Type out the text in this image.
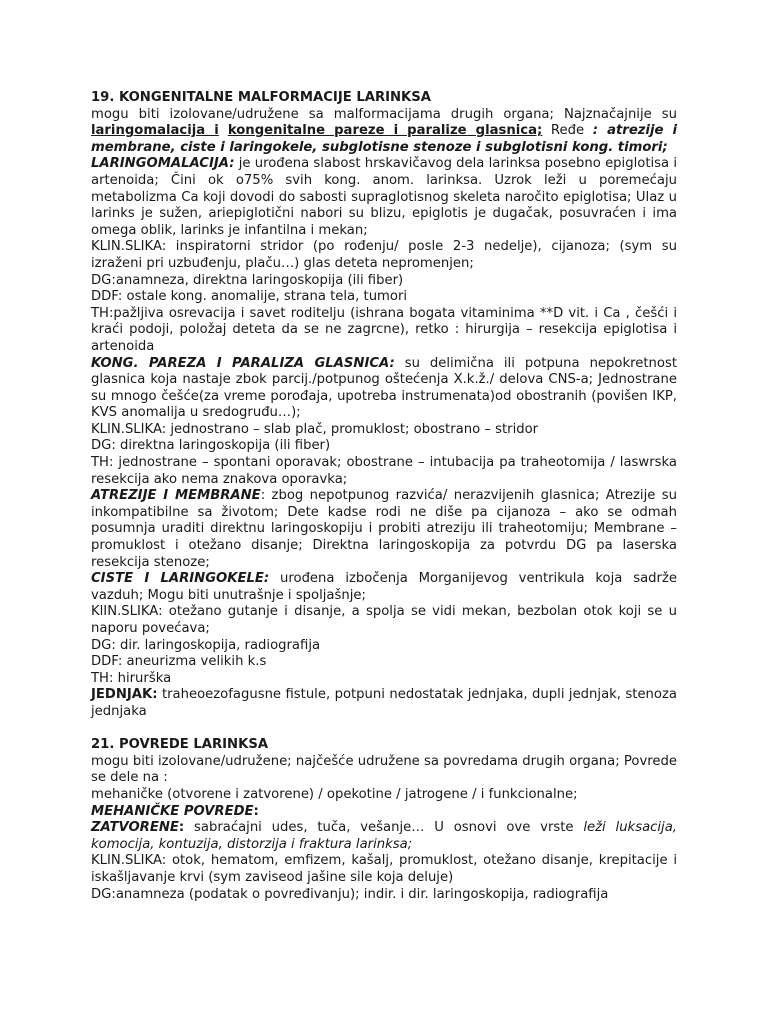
19. KONGENITALNE MALFORMACIJE LARINKSA

mogu biti izolovane/udružene sa malformacijama drugih organa; Najznačajnije su laringomalacija i kongenitalne pareze i paralize glasnica; Ređe : atrezije i membrane, ciste i laringokele, subglotisne stenoze i subglotisni kong. timori;

LARINGOMALACIJA: je urođena slabost hrskavičavog dela larinksa posebno epiglotisa i artenoida; Čini ok o75% svih kong. anom. larinksa. Uzrok leži u poremećaju metabolizma Ca koji dovodi do sabosti supraglotisnog skeleta naročito epiglotisa; Ulaz u larinks je sužen, ariepiglotični nabori su blizu, epiglotis je dugačak, posuvraćen i ima omega oblik, larinks je infantilna i mekan;

KLIN.SLIKA: inspiratorni stridor (po rođenju/ posle 2-3 nedelje), cijanoza; (sym su izraženi pri uzbuđenju, plaču…) glas deteta nepromenjen;

DG:anamneza, direktna laringoskopija (ili fiber)

DDF: ostale kong. anomalije, strana tela, tumori

TH:pažljiva osrevacija i savet roditelju (ishrana bogata vitaminima **D vit. i Ca , češći i kraći podoji, položaj deteta da se ne zagrcne), retko : hirurgija – resekcija epiglotisa i artenoida

KONG. PAREZA I PARALIZA GLASNICA: su delimična ili potpuna nepokretnost glasnica koja nastaje zbok parcij./potpunog oštećenja X.k.ž./ delova CNS-a; Jednostrane su mnogo češće(za vreme porođaja, upotreba instrumenata)od obostranih (povišen IKP, KVS anomalija u sredogruđu…);

KLIN.SLIKA: jednostrano – slab plač, promuklost; obostrano – stridor

DG: direktna laringoskopija (ili fiber)

TH: jednostrane – spontani oporavak; obostrane – intubacija pa traheotomija / laswrska resekcija ako nema znakova oporavka;

ATREZIJE I MEMBRANE: zbog nepotpunog razvića/ nerazvijenih glasnica; Atrezije su inkompatibilne sa životom; Dete kadse rodi ne diše pa cijanoza – ako se odmah posumnja uraditi direktnu laringoskopiju i probiti atreziju ili traheotomiju; Membrane – promuklost i otežano disanje; Direktna laringoskopija za potvrdu DG pa laserska resekcija stenoze;

CISTE I LARINGOKELE: urođena izbočenja Morganijevog ventrikula koja sadrže vazduh; Mogu biti unutrašnje i spoljašnje;

KlIN.SLIKA: otežano gutanje i disanje, a spolja se vidi mekan, bezbolan otok koji se u naporu povećava;

DG: dir. laringoskopija, radiografija

DDF: aneurizma velikih k.s

TH: hirurška

JEDNJAK: traheoezofagusne fistule, potpuni nedostatak jednjaka, dupli jednjak, stenoza jednjaka

21. POVREDE LARINKSA

mogu biti izolovane/udružene; najčešće udružene sa povredama drugih organa; Povrede se dele na :

mehaničke (otvorene i zatvorene) / opekotine / jatrogene / i funkcionalne;

MEHANIČKE POVREDE:

ZATVORENE: sabraćajni udes, tuča, vešanje… U osnovi ove vrste leži luksacija, komocija, kontuzija, distorzija i fraktura larinksa;

KLIN.SLIKA: otok, hematom, emfizem, kašalj, promuklost, otežano disanje, krepitacije i iskašljavanje krvi (sym zaviseod jašine sile koja deluje)

DG:anamneza (podatak o povređivanju); indir. i dir. laringoskopija, radiografija
